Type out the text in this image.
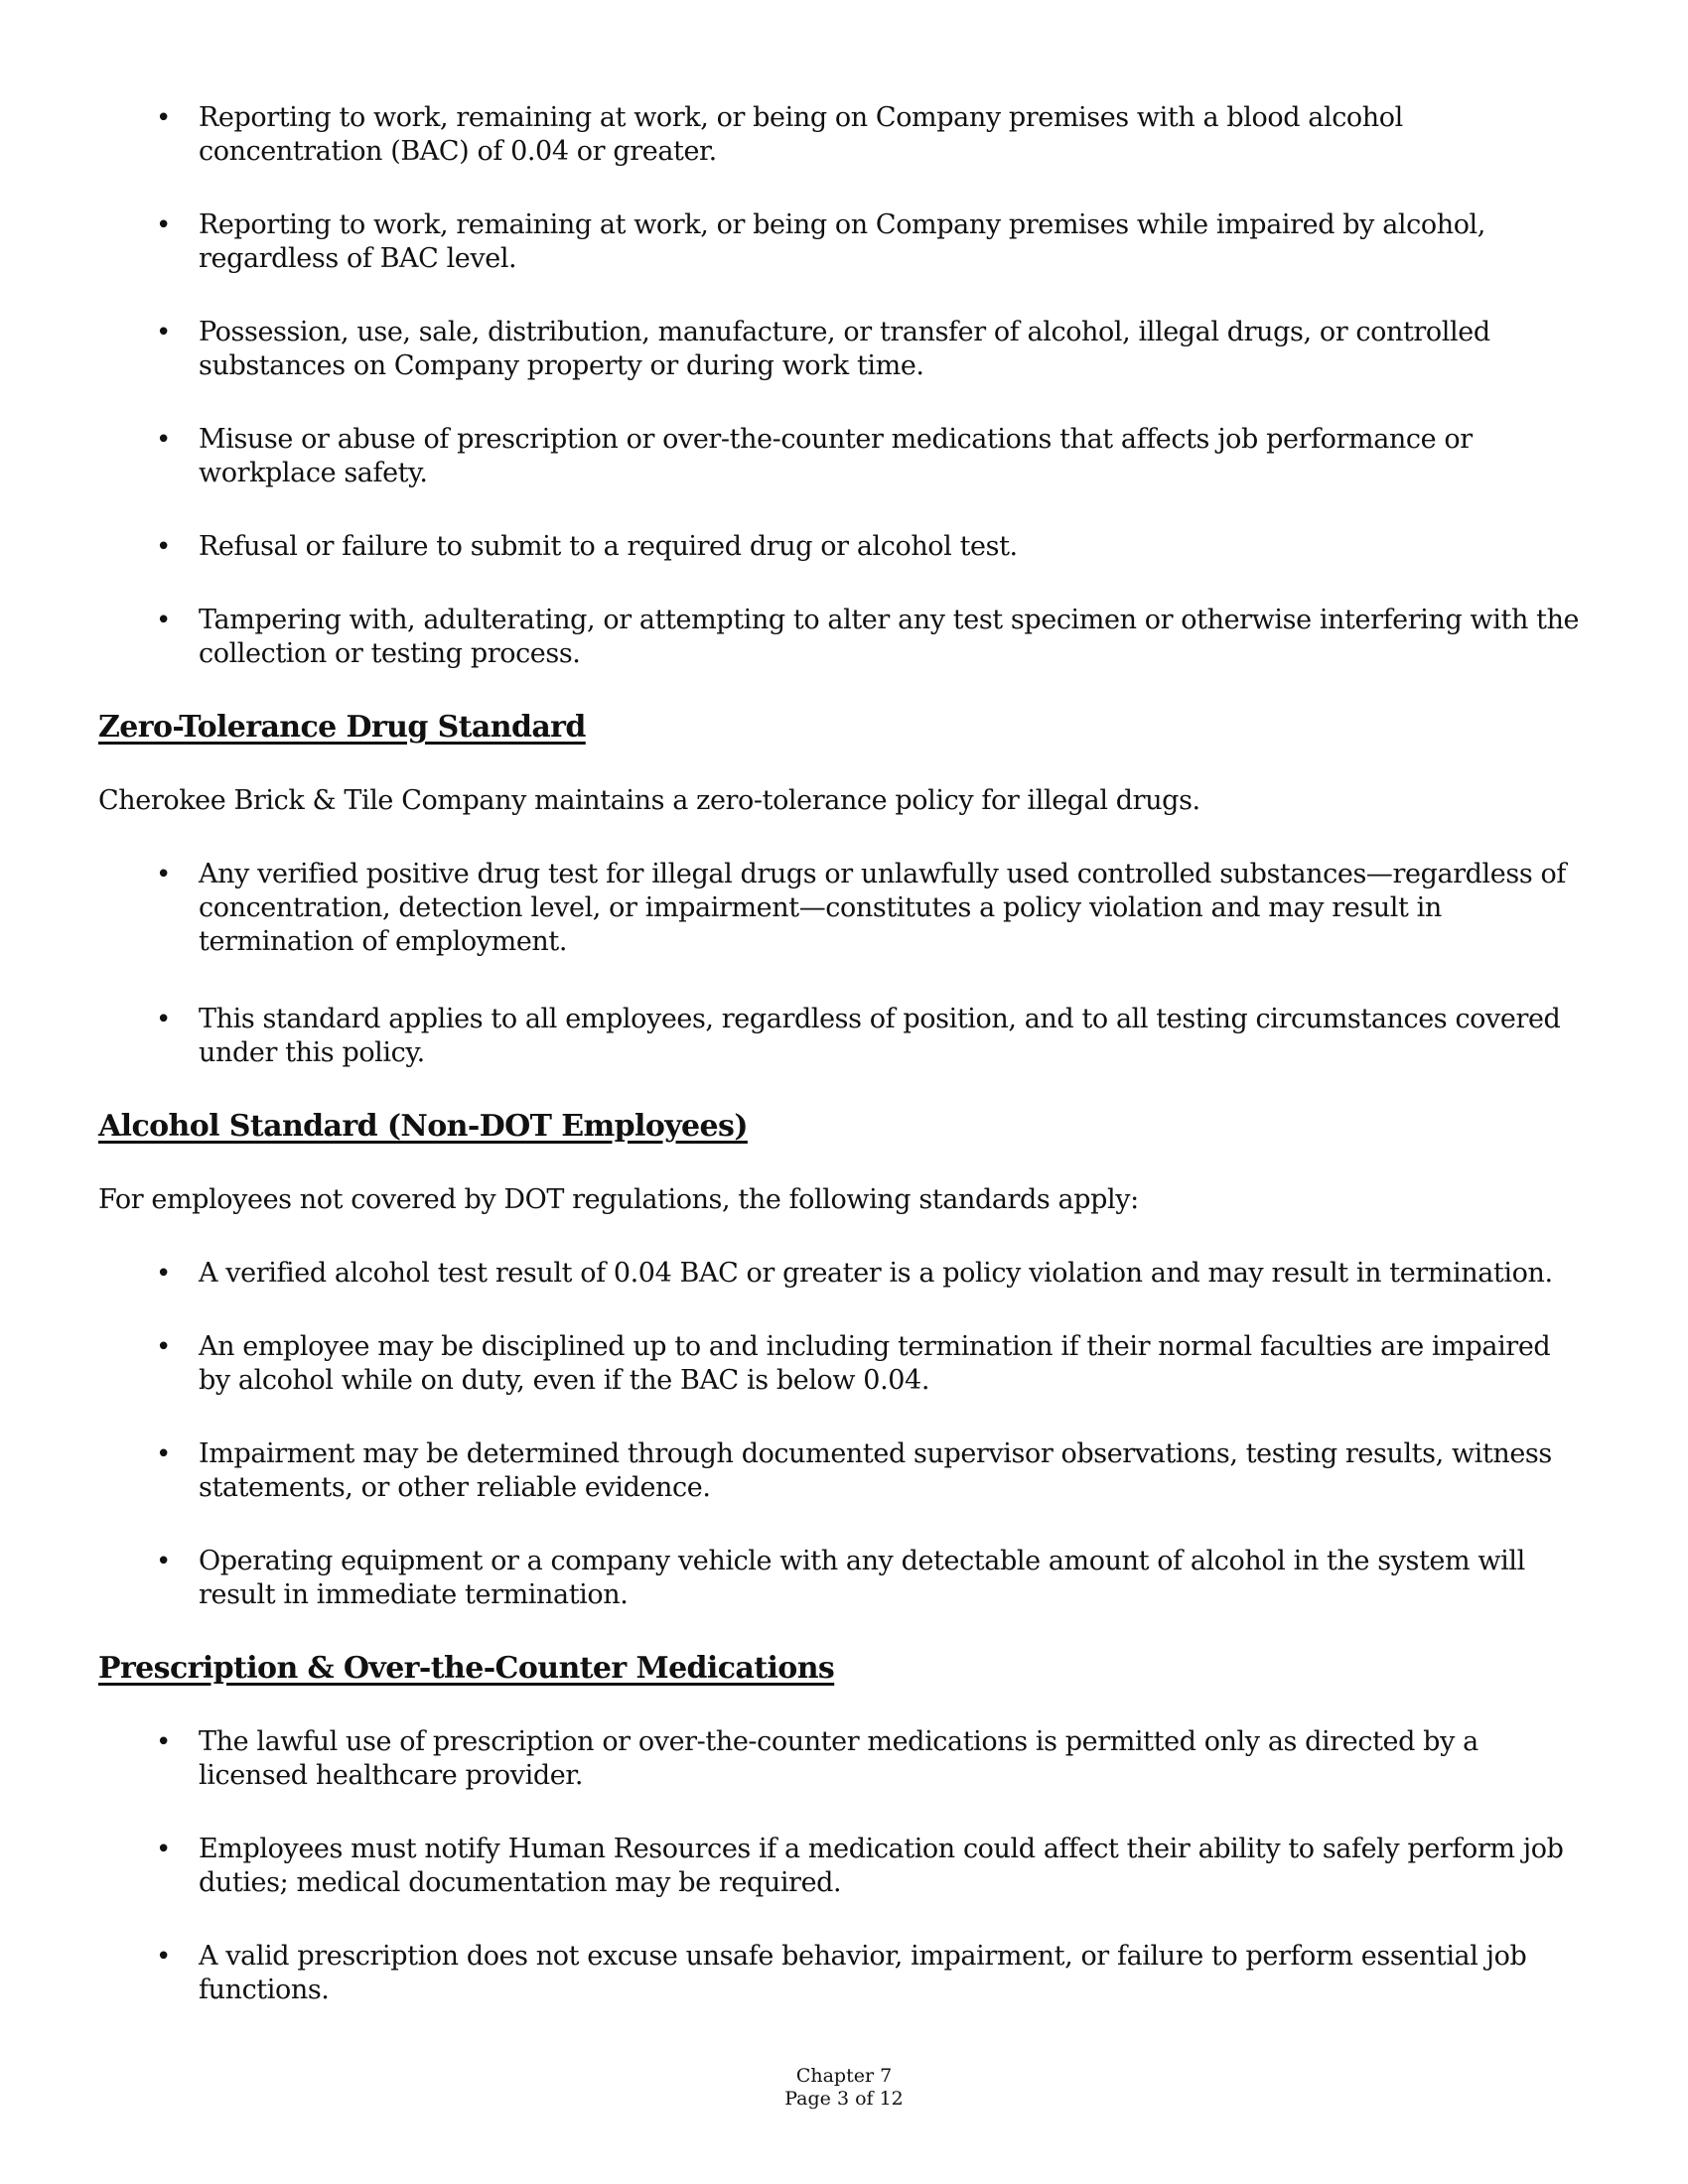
• Reporting to work, remaining at work, or being on Company premises with a blood alcohol concentration (BAC) of 0.04 or greater.
• Reporting to work, remaining at work, or being on Company premises while impaired by alcohol, regardless of BAC level.
• Possession, use, sale, distribution, manufacture, or transfer of alcohol, illegal drugs, or controlled substances on Company property or during work time.
• Misuse or abuse of prescription or over-the-counter medications that affects job performance or workplace safety.
• Refusal or failure to submit to a required drug or alcohol test.
• Tampering with, adulterating, or attempting to alter any test specimen or otherwise interfering with the collection or testing process.
Zero-Tolerance Drug Standard
Cherokee Brick & Tile Company maintains a zero-tolerance policy for illegal drugs.
• Any verified positive drug test for illegal drugs or unlawfully used controlled substances—regardless of concentration, detection level, or impairment—constitutes a policy violation and may result in termination of employment.
• This standard applies to all employees, regardless of position, and to all testing circumstances covered under this policy.
Alcohol Standard (Non-DOT Employees)
For employees not covered by DOT regulations, the following standards apply:
• A verified alcohol test result of 0.04 BAC or greater is a policy violation and may result in termination.
• An employee may be disciplined up to and including termination if their normal faculties are impaired by alcohol while on duty, even if the BAC is below 0.04.
• Impairment may be determined through documented supervisor observations, testing results, witness statements, or other reliable evidence.
• Operating equipment or a company vehicle with any detectable amount of alcohol in the system will result in immediate termination.
Prescription & Over-the-Counter Medications
• The lawful use of prescription or over-the-counter medications is permitted only as directed by a licensed healthcare provider.
• Employees must notify Human Resources if a medication could affect their ability to safely perform job duties; medical documentation may be required.
• A valid prescription does not excuse unsafe behavior, impairment, or failure to perform essential job functions.
Chapter 7
Page 3 of 12
